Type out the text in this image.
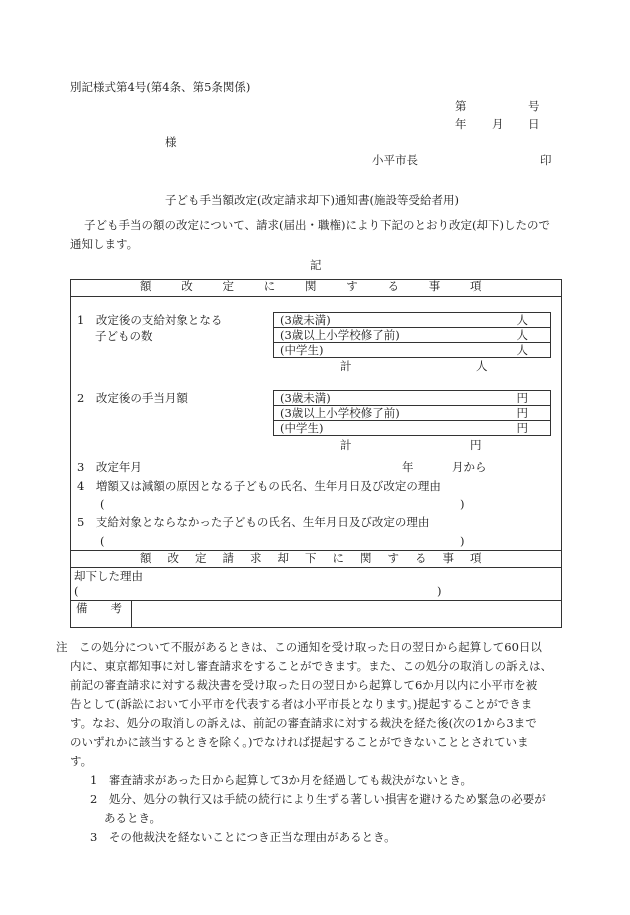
別記様式第4号(第4条、第5条関係)
第	号
年 月 日
様
小平市長	印
子ども手当額改定(改定請求却下)通知書(施設等受給者用)
子ども手当の額の改定について、請求(届出・職権)により下記のとおり改定(却下)したので
通知します。
記
額	改	定	に	関	す	る	事	項
1　改定後の支給対象となる
子どもの数
(3歳未満)	人
(3歳以上小学校修了前)	人
(中学生)	人
計	人
2　改定後の手当月額	(3歳未満)	円
(3歳以上小学校修了前)	円
(中学生)	円
計	円
3　改定年月	年	月から
4　増額又は減額の原因となる子どもの氏名、生年月日及び改定の理由
(	)
5　支給対象とならなかった子どもの氏名、生年月日及び改定の理由
(	)
額 改 定 請 求 却 下 に 関 す る 事 項
却下した理由
(	)
備　　考

注　この処分について不服があるときは、この通知を受け取った日の翌日から起算して60日以

内に、東京都知事に対し審査請求をすることができます。また、この処分の取消しの訴えは、

前記の審査請求に対する裁決書を受け取った日の翌日から起算して6か月以内に小平市を被

告として(訴訟において小平市を代表する者は小平市長となります。)提起することができま

す。なお、処分の取消しの訴えは、前記の審査請求に対する裁決を経た後(次の1から3まで

のいずれかに該当するときを除く。)でなければ提起することができないこととされていま

す。

1　審査請求があった日から起算して3か月を経過しても裁決がないとき。

2　処分、処分の執行又は手続の続行により生ずる著しい損害を避けるため緊急の必要が

あるとき。

3　その他裁決を経ないことにつき正当な理由があるとき。
